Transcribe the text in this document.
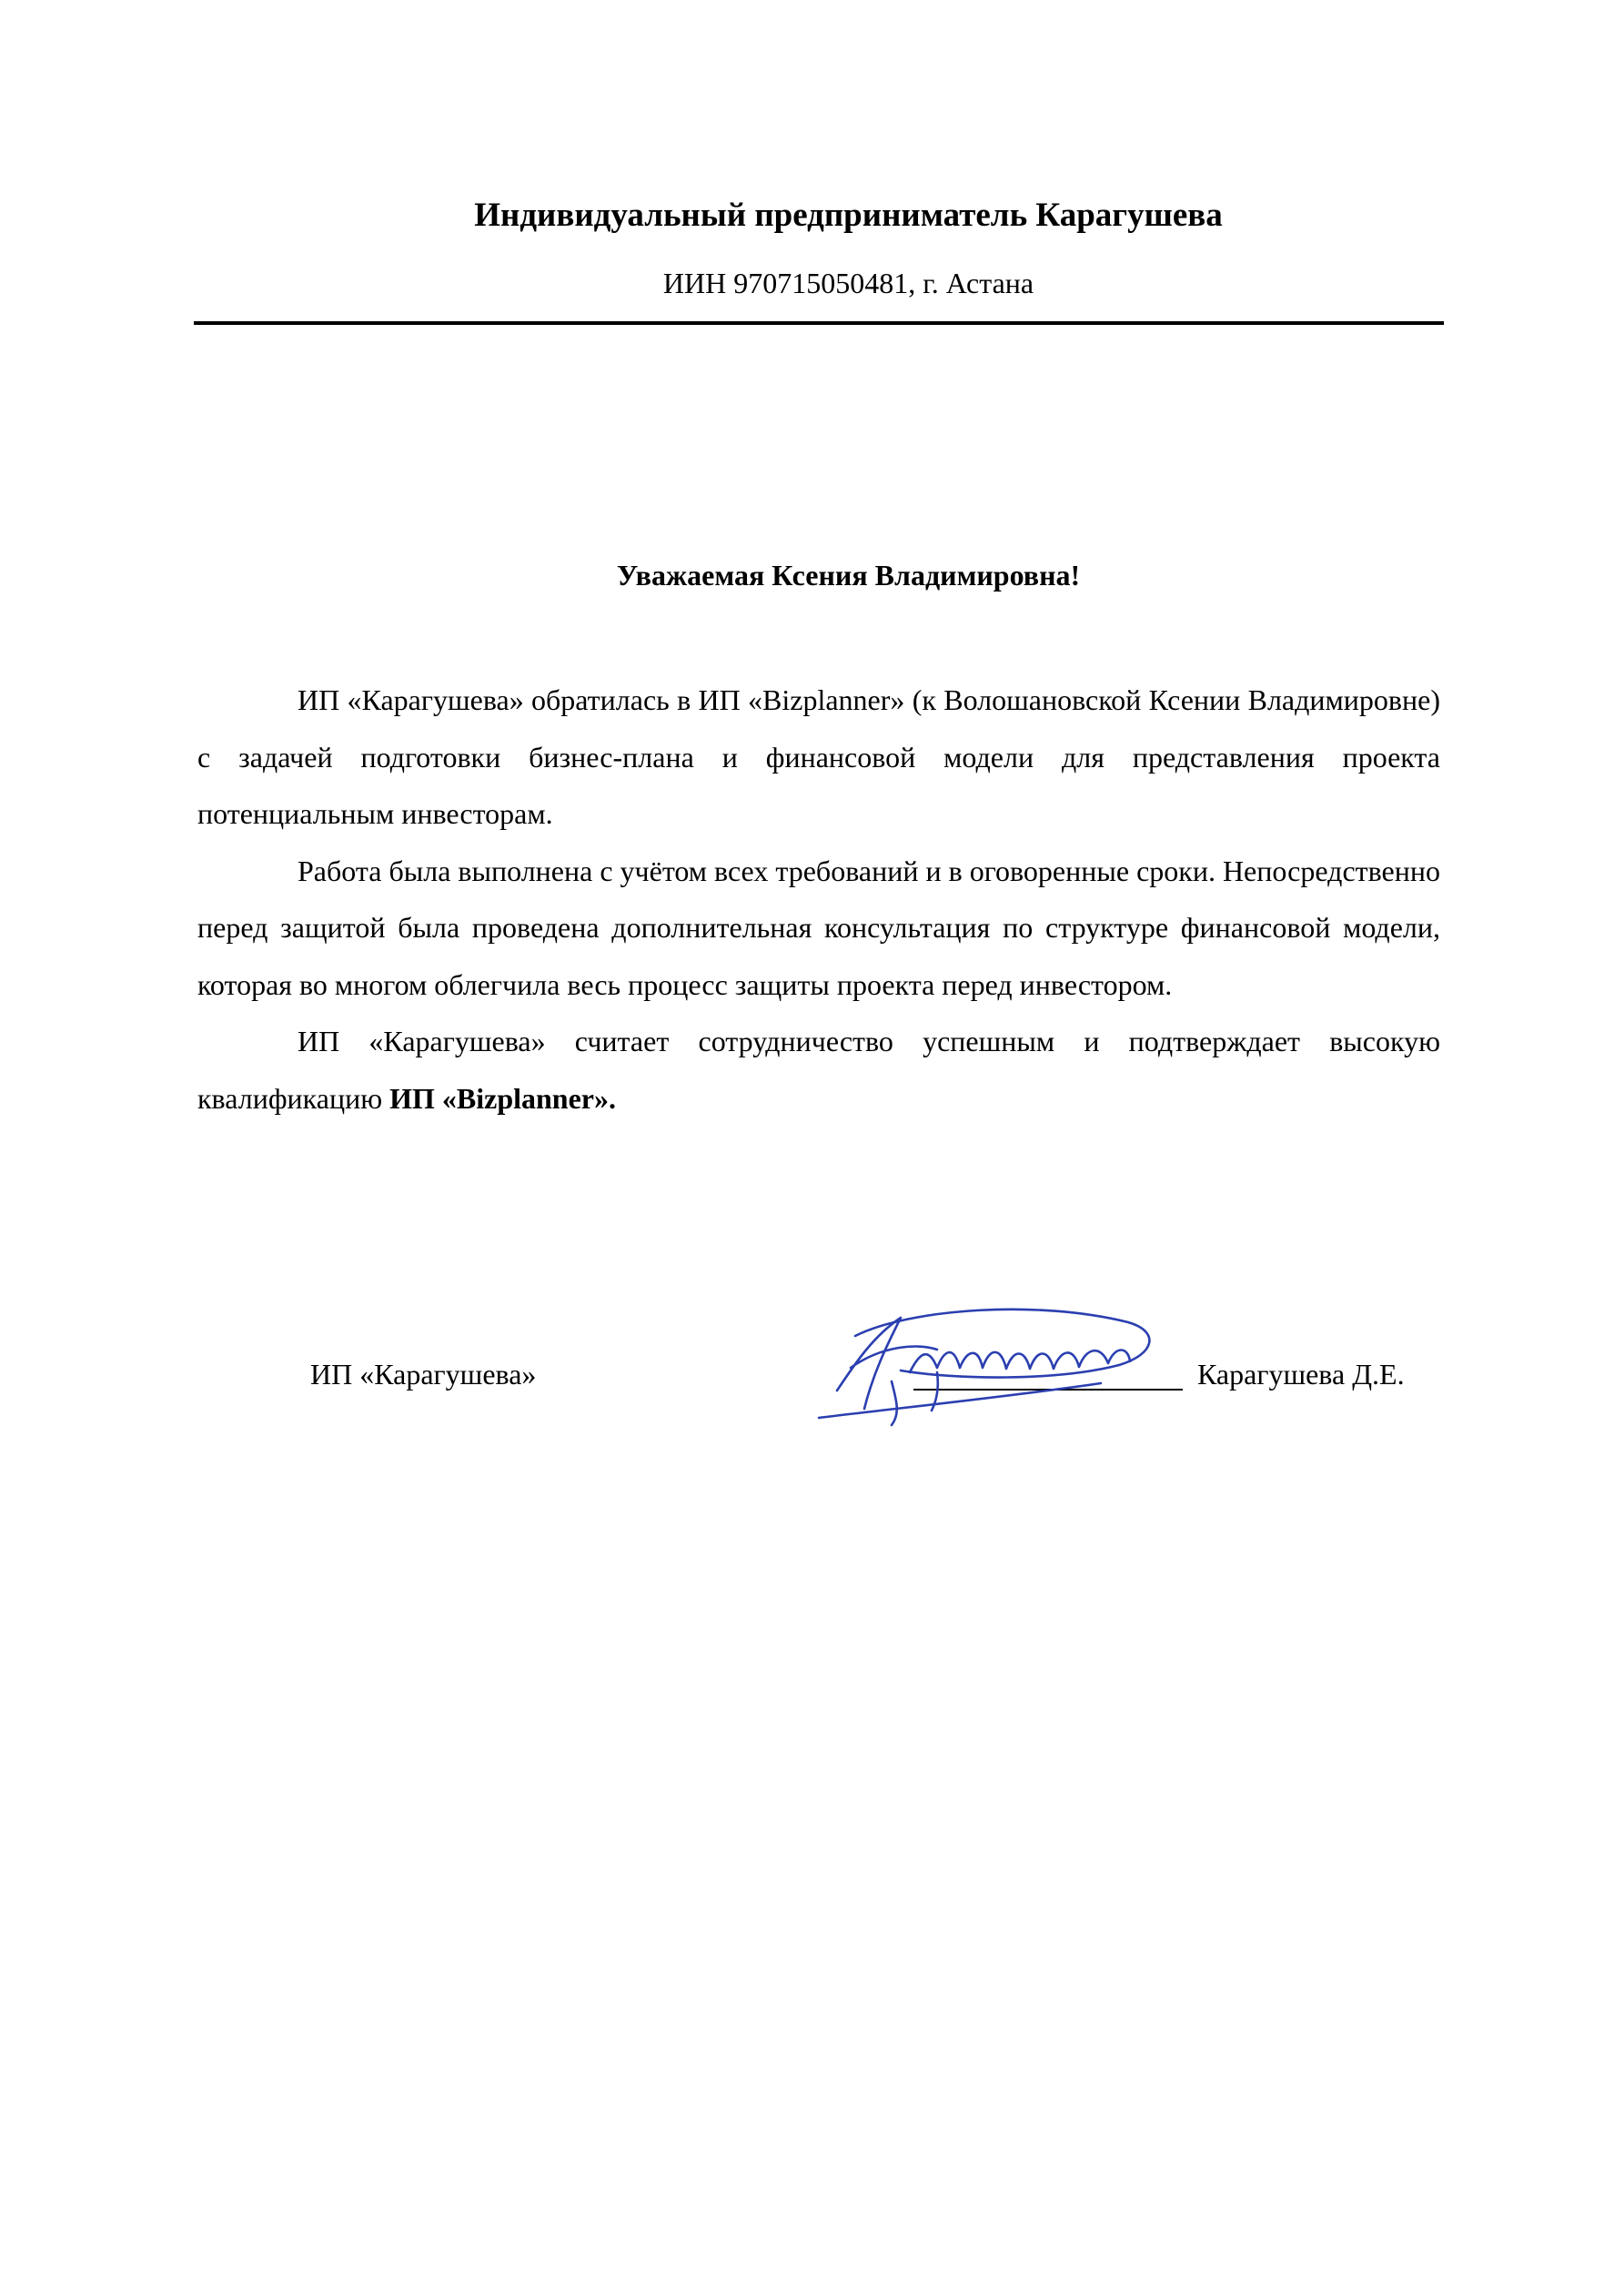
Индивидуальный предприниматель Карагушева
ИИН 970715050481, г. Астана
Уважаемая Ксения Владимировна!

ИП «Карагушева» обратилась в ИП «Bizplanner» (к Волошановской Ксении Владимировне) с задачей подготовки бизнес-плана и финансовой модели для представления проекта потенциальным инвесторам.

Работа была выполнена с учётом всех требований и в оговоренные сроки. Непосредственно перед защитой была проведена дополнительная консультация по структуре финансовой модели, которая во многом облегчила весь процесс защиты проекта перед инвестором.

ИП «Карагушева» считает сотрудничество успешным и подтверждает высокую квалификацию ИП «Bizplanner».

ИП «Карагушева»	Карагушева Д.Е.
